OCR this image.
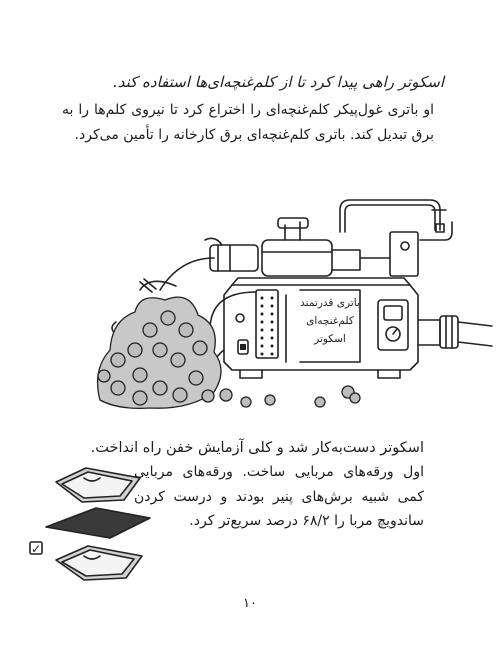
اسکوتر راهی پیدا کرد تا از کلم‌غنچه‌ای‌ها استفاده کند.

او باتری غول‌پیکر کلم‌غنچه‌ای را اختراع کرد تا نیروی کلم‌ها را به برق تبدیل کند. باتری کلم‌غنچه‌ای برق کارخانه را تأمین می‌کرد.

باتری قدرتمند
کلم‌غنچه‌ای
اسکوتر

اسکوتر دست‌به‌کار شد و کلی آزمایش خفن راه انداخت.

اول ورقه‌های مربایی ساخت. ورقه‌های مربایی کمی شبیه برش‌های پنیر بودند و درست کردن ساندویچ مربا را ۶۸/۲ درصد سریع‌تر کرد.

✓
۱۰
